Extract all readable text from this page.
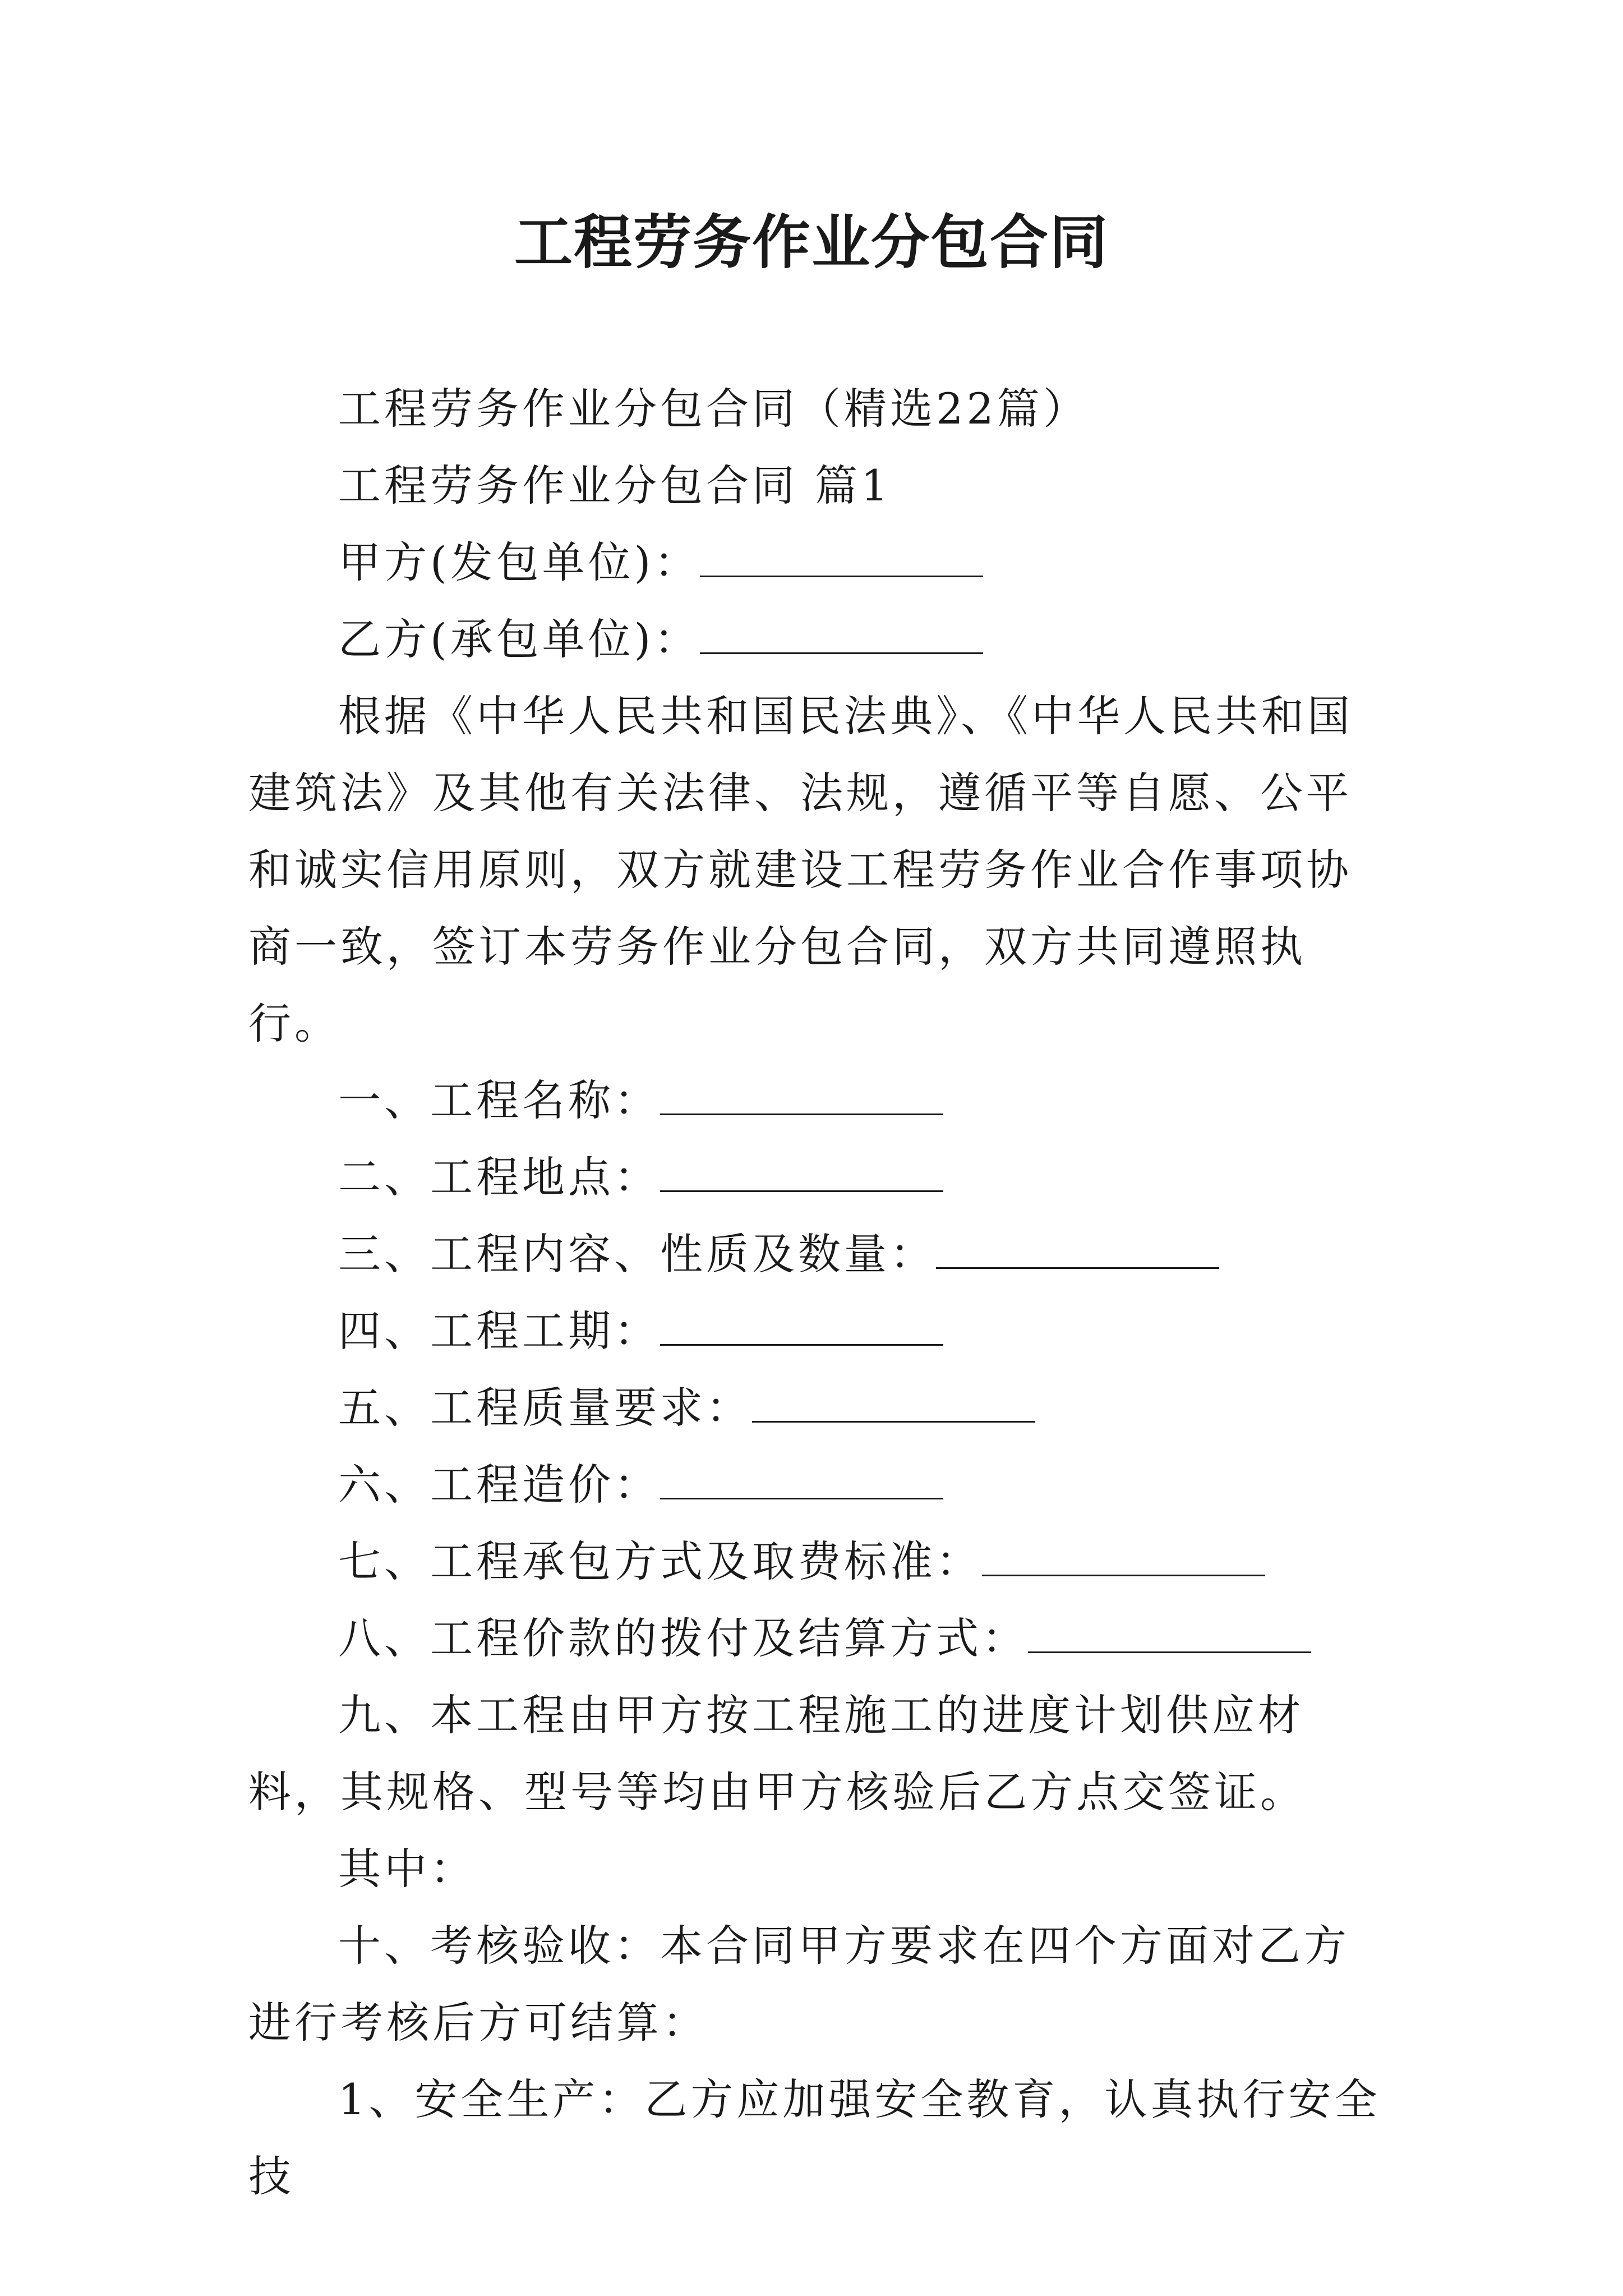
工程劳务作业分包合同

工程劳务作业分包合同（精选22篇）

工程劳务作业分包合同 篇1

甲方(发包单位)：

乙方(承包单位)：

根据《中华人民共和国民法典》、《中华人民共和国建筑法》及其他有关法律、法规，遵循平等自愿、公平和诚实信用原则，双方就建设工程劳务作业合作事项协商一致，签订本劳务作业分包合同，双方共同遵照执行。

一、工程名称：

二、工程地点：

三、工程内容、性质及数量：

四、工程工期：

五、工程质量要求：

六、工程造价：

七、工程承包方式及取费标准：

八、工程价款的拨付及结算方式：

九、本工程由甲方按工程施工的进度计划供应材料，其规格、型号等均由甲方核验后乙方点交签证。

其中：

十、考核验收：本合同甲方要求在四个方面对乙方进行考核后方可结算：

1、安全生产：乙方应加强安全教育，认真执行安全技
